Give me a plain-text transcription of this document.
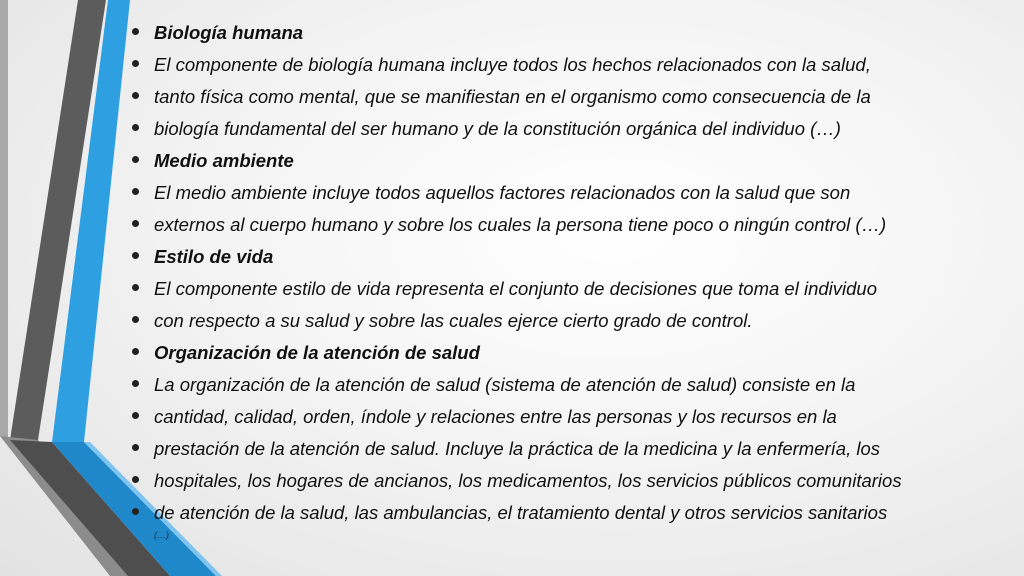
Biología humana
El componente de biología humana incluye todos los hechos relacionados con la salud,
tanto física como mental, que se manifiestan en el organismo como consecuencia de la
biología fundamental del ser humano y de la constitución orgánica del individuo (…)
Medio ambiente
El medio ambiente incluye todos aquellos factores relacionados con la salud que son
externos al cuerpo humano y sobre los cuales la persona tiene poco o ningún control (…)
Estilo de vida
El componente estilo de vida representa el conjunto de decisiones que toma el individuo
con respecto a su salud y sobre las cuales ejerce cierto grado de control.
Organización de la atención de salud
La organización de la atención de salud (sistema de atención de salud) consiste en la
cantidad, calidad, orden, índole y relaciones entre las personas y los recursos en la
prestación de la atención de salud. Incluye la práctica de la medicina y la enfermería, los
hospitales, los hogares de ancianos, los medicamentos, los servicios públicos comunitarios
de atención de la salud, las ambulancias, el tratamiento dental y otros servicios sanitarios
(…)
